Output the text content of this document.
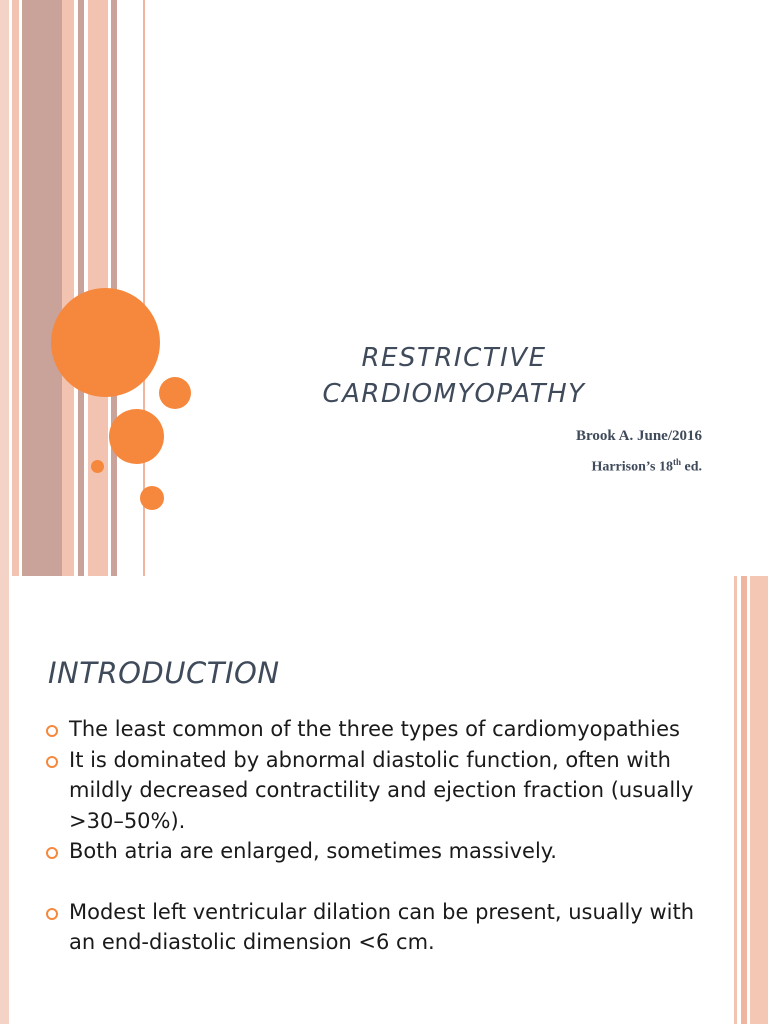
RESTRICTIVE
CARDIOMYOPATHY
Brook A. June/2016
Harrison’s 18th ed.
INTRODUCTION
The least common of the three types of cardiomyopathies
It is dominated by abnormal diastolic function, often with mildly decreased contractility and ejection fraction (usually >30–50%).
Both atria are enlarged, sometimes massively.
Modest left ventricular dilation can be present, usually with an end-diastolic dimension <6 cm.
